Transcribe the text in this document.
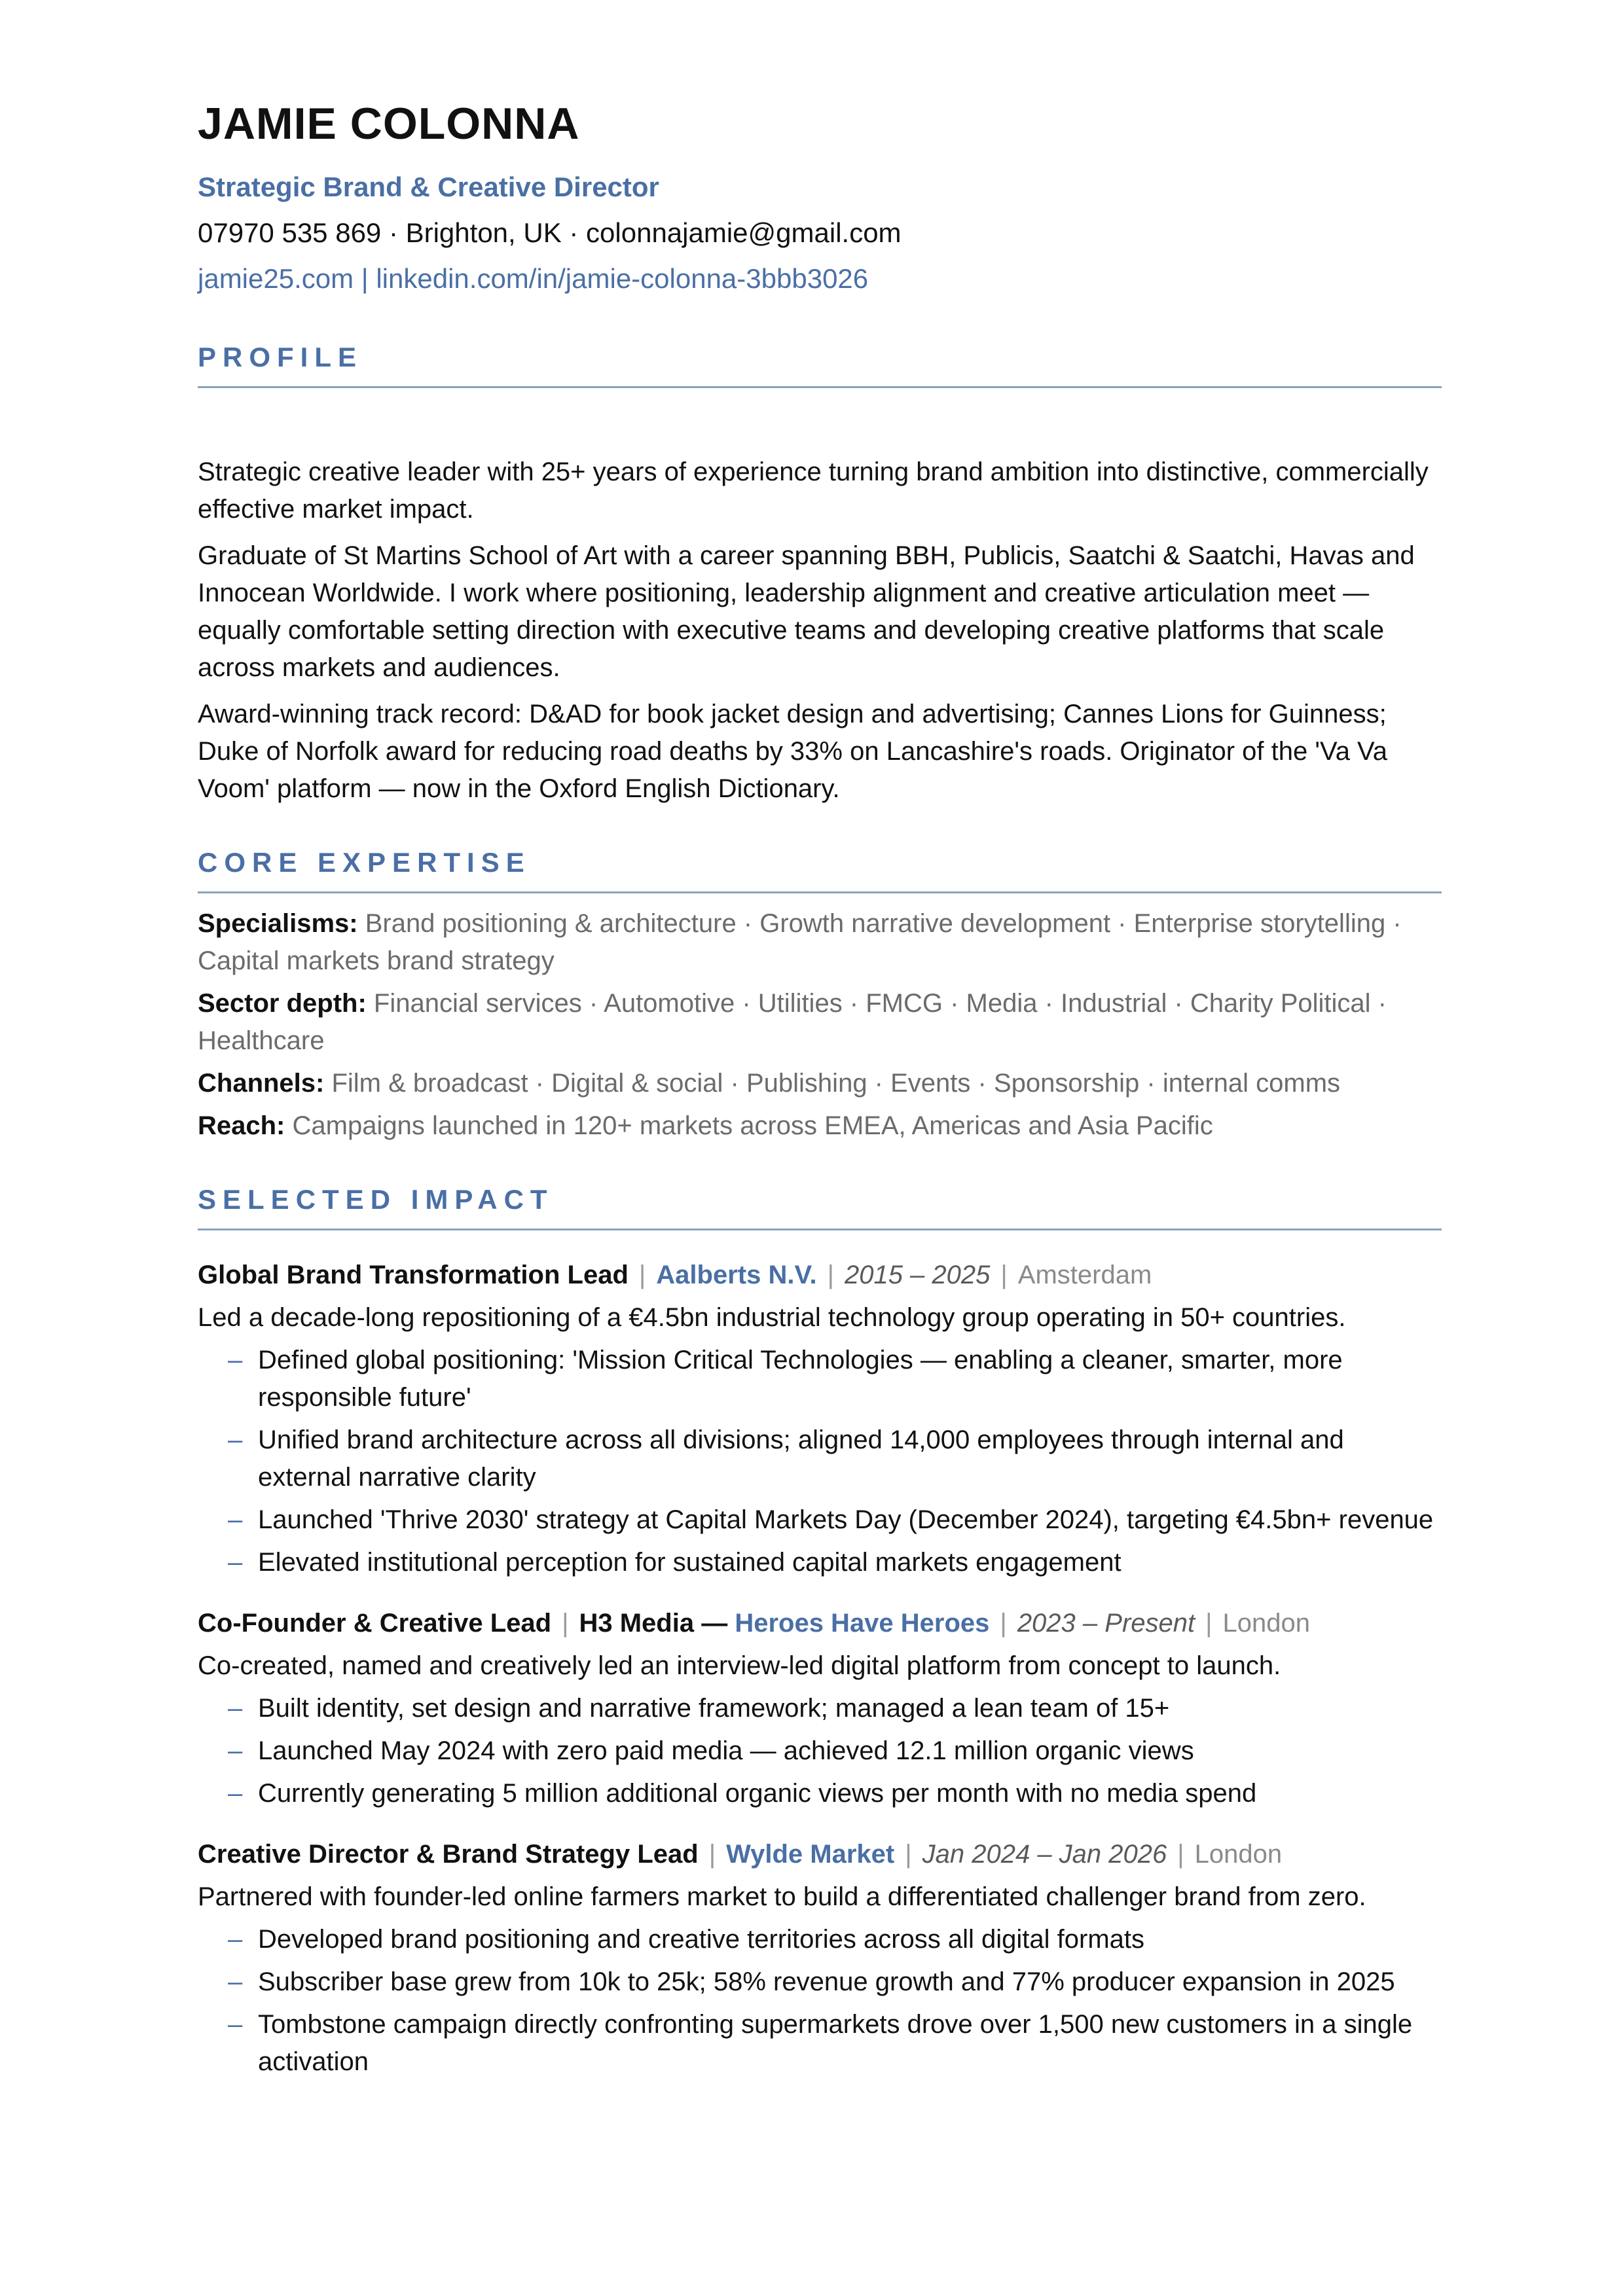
JAMIE COLONNA
Strategic Brand & Creative Director
07970 535 869 · Brighton, UK · colonnajamie@gmail.com
jamie25.com | linkedin.com/in/jamie-colonna-3bbb3026
PROFILE

Strategic creative leader with 25+ years of experience turning brand ambition into distinctive, commercially effective market impact.

Graduate of St Martins School of Art with a career spanning BBH, Publicis, Saatchi & Saatchi, Havas and Innocean Worldwide. I work where positioning, leadership alignment and creative articulation meet — equally comfortable setting direction with executive teams and developing creative platforms that scale across markets and audiences.

Award-winning track record: D&AD for book jacket design and advertising; Cannes Lions for Guinness; Duke of Norfolk award for reducing road deaths by 33% on Lancashire's roads. Originator of the 'Va Va Voom' platform — now in the Oxford English Dictionary.

CORE EXPERTISE

Specialisms: Brand positioning & architecture · Growth narrative development · Enterprise storytelling · Capital markets brand strategy

Sector depth: Financial services · Automotive · Utilities · FMCG · Media · Industrial · Charity Political · Healthcare

Channels: Film & broadcast · Digital & social · Publishing · Events · Sponsorship · internal comms

Reach: Campaigns launched in 120+ markets across EMEA, Americas and Asia Pacific

SELECTED IMPACT
Global Brand Transformation Lead | Aalberts N.V. | 2015 – 2025 | Amsterdam

Led a decade-long repositioning of a €4.5bn industrial technology group operating in 50+ countries.

– Defined global positioning: 'Mission Critical Technologies — enabling a cleaner, smarter, more responsible future'
– Unified brand architecture across all divisions; aligned 14,000 employees through internal and external narrative clarity
– Launched 'Thrive 2030' strategy at Capital Markets Day (December 2024), targeting €4.5bn+ revenue
– Elevated institutional perception for sustained capital markets engagement
Co-Founder & Creative Lead | H3 Media — Heroes Have Heroes | 2023 – Present | London

Co-created, named and creatively led an interview-led digital platform from concept to launch.

– Built identity, set design and narrative framework; managed a lean team of 15+
– Launched May 2024 with zero paid media — achieved 12.1 million organic views
– Currently generating 5 million additional organic views per month with no media spend
Creative Director & Brand Strategy Lead | Wylde Market | Jan 2024 – Jan 2026 | London

Partnered with founder-led online farmers market to build a differentiated challenger brand from zero.

– Developed brand positioning and creative territories across all digital formats
– Subscriber base grew from 10k to 25k; 58% revenue growth and 77% producer expansion in 2025
– Tombstone campaign directly confronting supermarkets drove over 1,500 new customers in a single activation
